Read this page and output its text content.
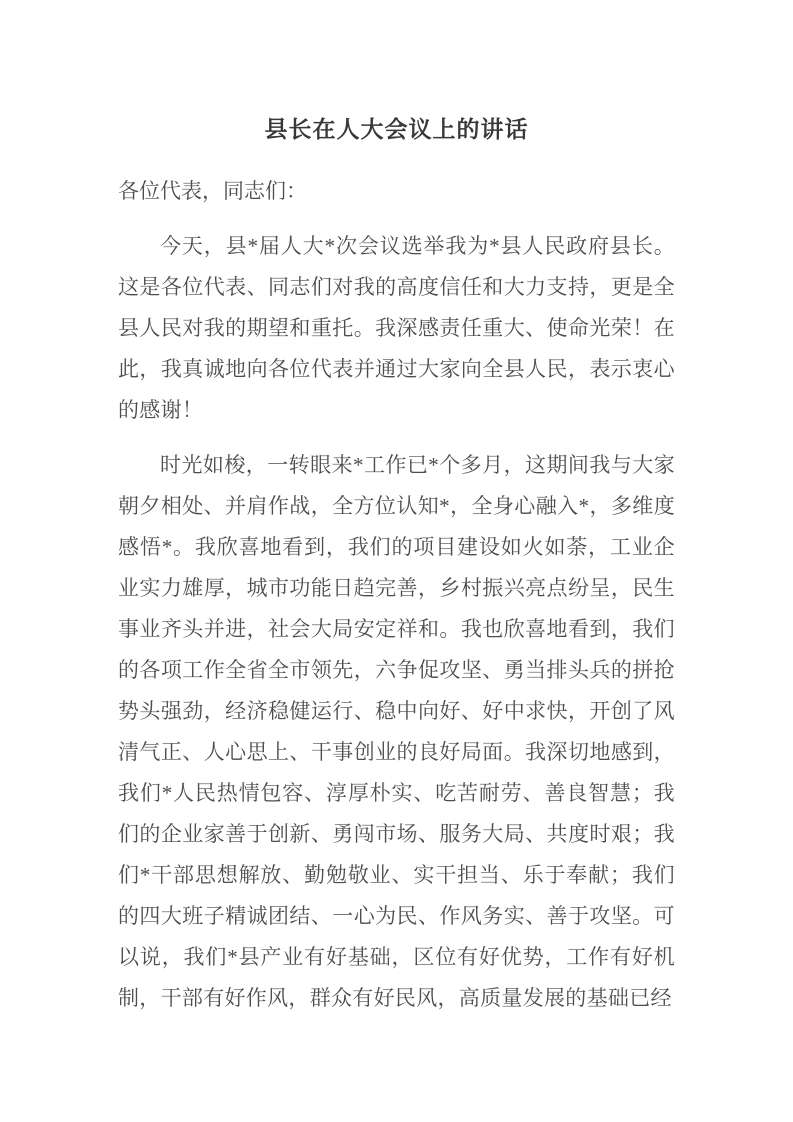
县长在人大会议上的讲话

各位代表，同志们：

今天，县*届人大*次会议选举我为*县人民政府县长。这是各位代表、同志们对我的高度信任和大力支持，更是全县人民对我的期望和重托。我深感责任重大、使命光荣！在此，我真诚地向各位代表并通过大家向全县人民，表示衷心的感谢！

时光如梭，一转眼来*工作已*个多月，这期间我与大家朝夕相处、并肩作战，全方位认知*，全身心融入*，多维度感悟*。我欣喜地看到，我们的项目建设如火如荼，工业企业实力雄厚，城市功能日趋完善，乡村振兴亮点纷呈，民生事业齐头并进，社会大局安定祥和。我也欣喜地看到，我们的各项工作全省全市领先，六争促攻坚、勇当排头兵的拼抢势头强劲，经济稳健运行、稳中向好、好中求快，开创了风清气正、人心思上、干事创业的良好局面。我深切地感到，我们*人民热情包容、淳厚朴实、吃苦耐劳、善良智慧；我们的企业家善于创新、勇闯市场、服务大局、共度时艰；我们*干部思想解放、勤勉敬业、实干担当、乐于奉献；我们的四大班子精诚团结、一心为民、作风务实、善于攻坚。可以说，我们*县产业有好基础，区位有好优势，工作有好机制，干部有好作风，群众有好民风，高质量发展的基础已经
